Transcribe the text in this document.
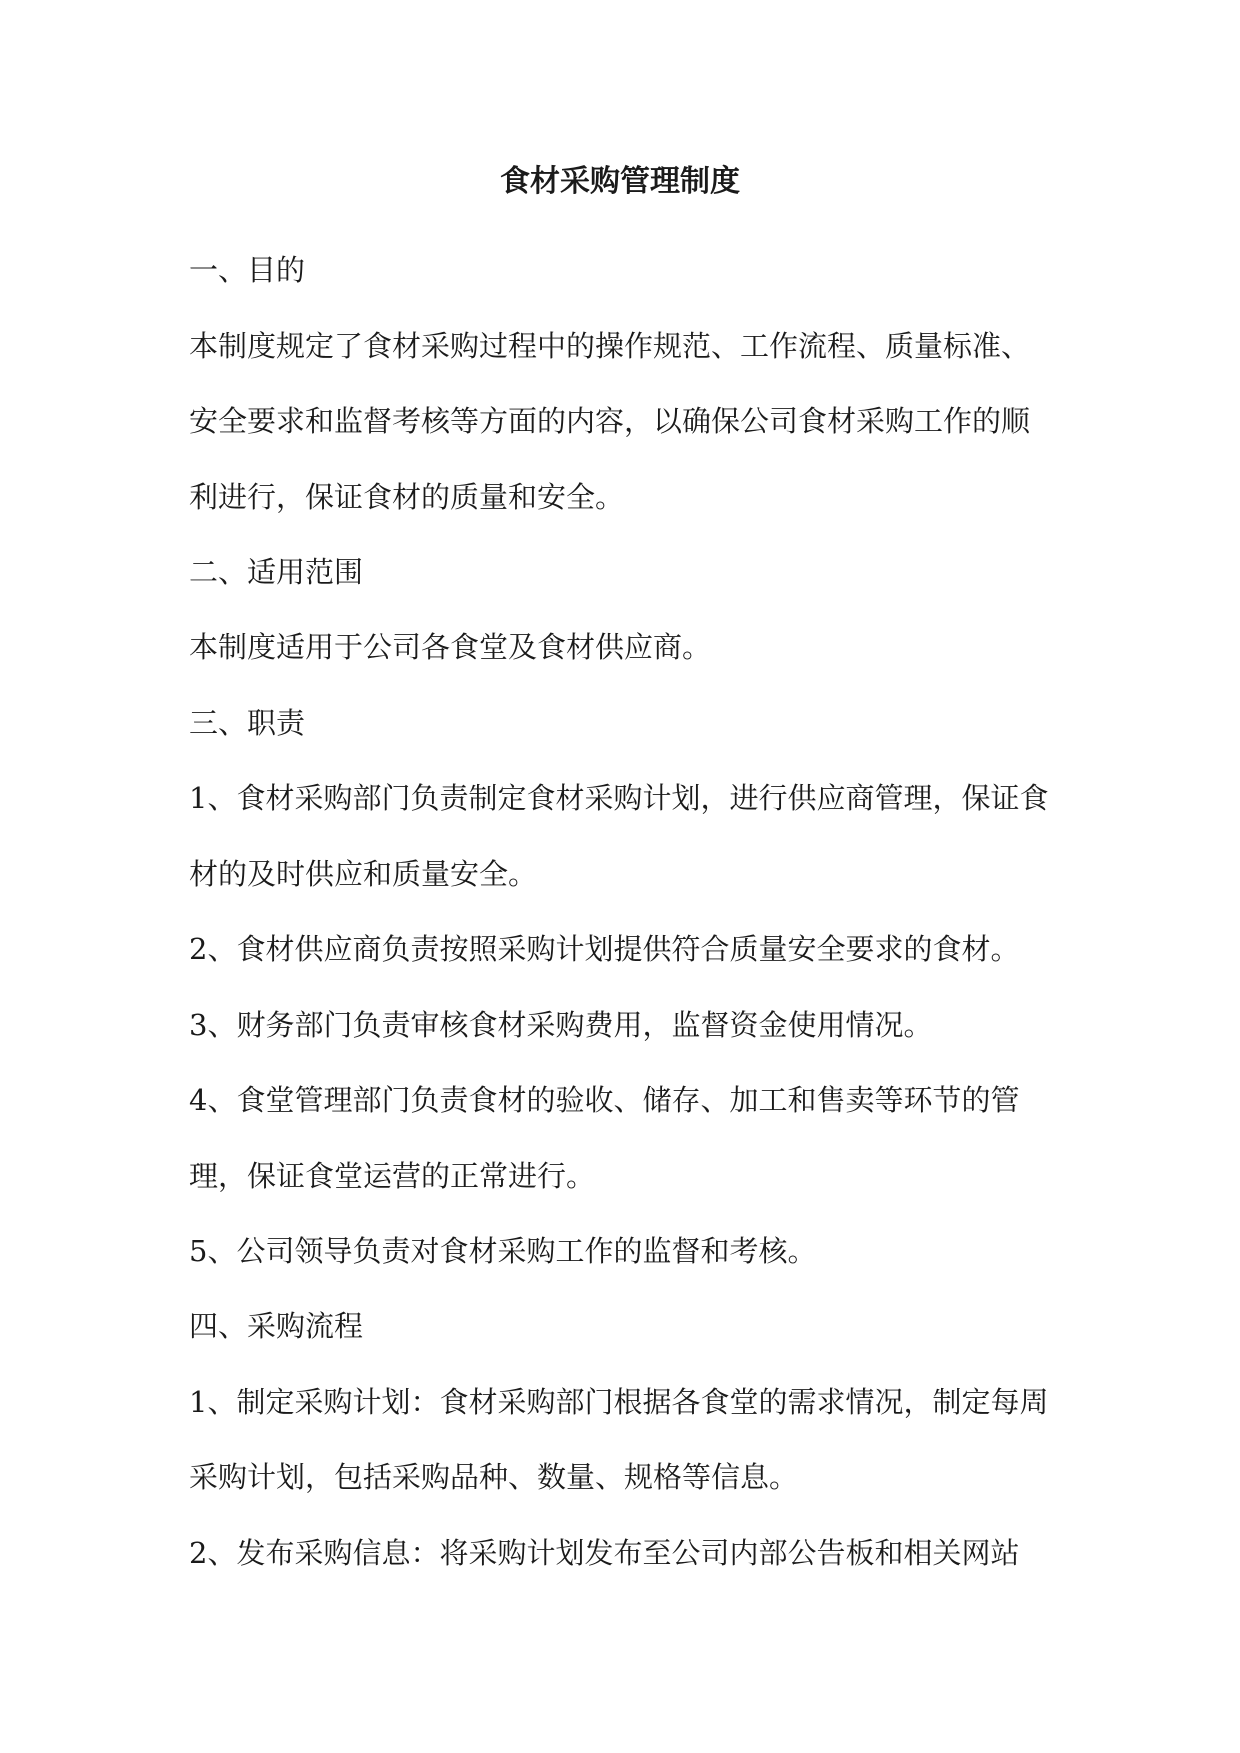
食材采购管理制度

一、目的

本制度规定了食材采购过程中的操作规范、工作流程、质量标准、

安全要求和监督考核等方面的内容，以确保公司食材采购工作的顺

利进行，保证食材的质量和安全。

二、适用范围

本制度适用于公司各食堂及食材供应商。

三、职责

1、食材采购部门负责制定食材采购计划，进行供应商管理，保证食

材的及时供应和质量安全。

2、食材供应商负责按照采购计划提供符合质量安全要求的食材。

3、财务部门负责审核食材采购费用，监督资金使用情况。

4、食堂管理部门负责食材的验收、储存、加工和售卖等环节的管

理，保证食堂运营的正常进行。

5、公司领导负责对食材采购工作的监督和考核。

四、采购流程

1、制定采购计划：食材采购部门根据各食堂的需求情况，制定每周

采购计划，包括采购品种、数量、规格等信息。

2、发布采购信息：将采购计划发布至公司内部公告板和相关网站
